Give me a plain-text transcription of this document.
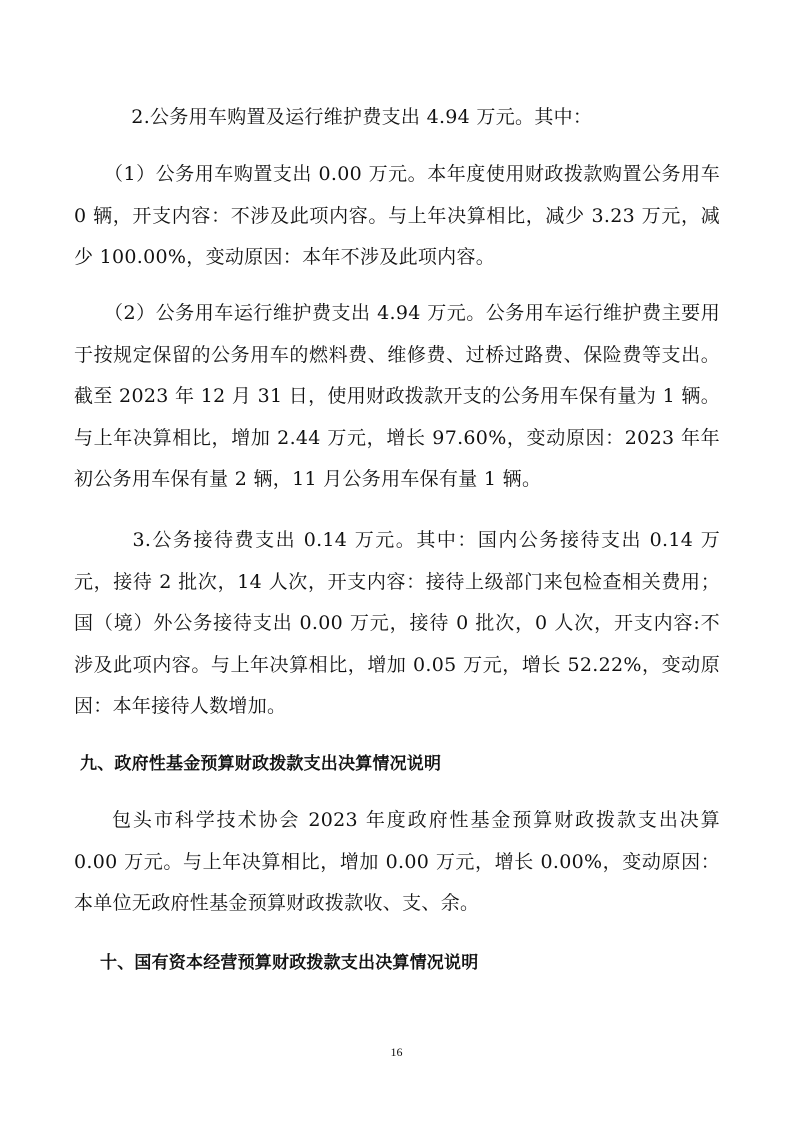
　2.公务用车购置及运行维护费支出 4.94 万元。其中：

（1）公务用车购置支出 0.00 万元。本年度使用财政拨款购置公务用车 0 辆，开支内容：不涉及此项内容。与上年决算相比，减少 3.23 万元，减少 100.00%，变动原因：本年不涉及此项内容。

（2）公务用车运行维护费支出 4.94 万元。公务用车运行维护费主要用于按规定保留的公务用车的燃料费、维修费、过桥过路费、保险费等支出。截至 2023 年 12 月 31 日，使用财政拨款开支的公务用车保有量为 1 辆。与上年决算相比，增加 2.44 万元，增长 97.60%，变动原因：2023 年年初公务用车保有量 2 辆，11 月公务用车保有量 1 辆。

　3.公务接待费支出 0.14 万元。其中：国内公务接待支出 0.14 万元，接待 2 批次，14 人次，开支内容：接待上级部门来包检查相关费用；国（境）外公务接待支出 0.00 万元，接待 0 批次，0 人次，开支内容:不涉及此项内容。与上年决算相比，增加 0.05 万元，增长 52.22%，变动原因：本年接待人数增加。

九、政府性基金预算财政拨款支出决算情况说明

包头市科学技术协会 2023 年度政府性基金预算财政拨款支出决算 0.00 万元。与上年决算相比，增加 0.00 万元，增长 0.00%，变动原因：本单位无政府性基金预算财政拨款收、支、余。

十、国有资本经营预算财政拨款支出决算情况说明
16
